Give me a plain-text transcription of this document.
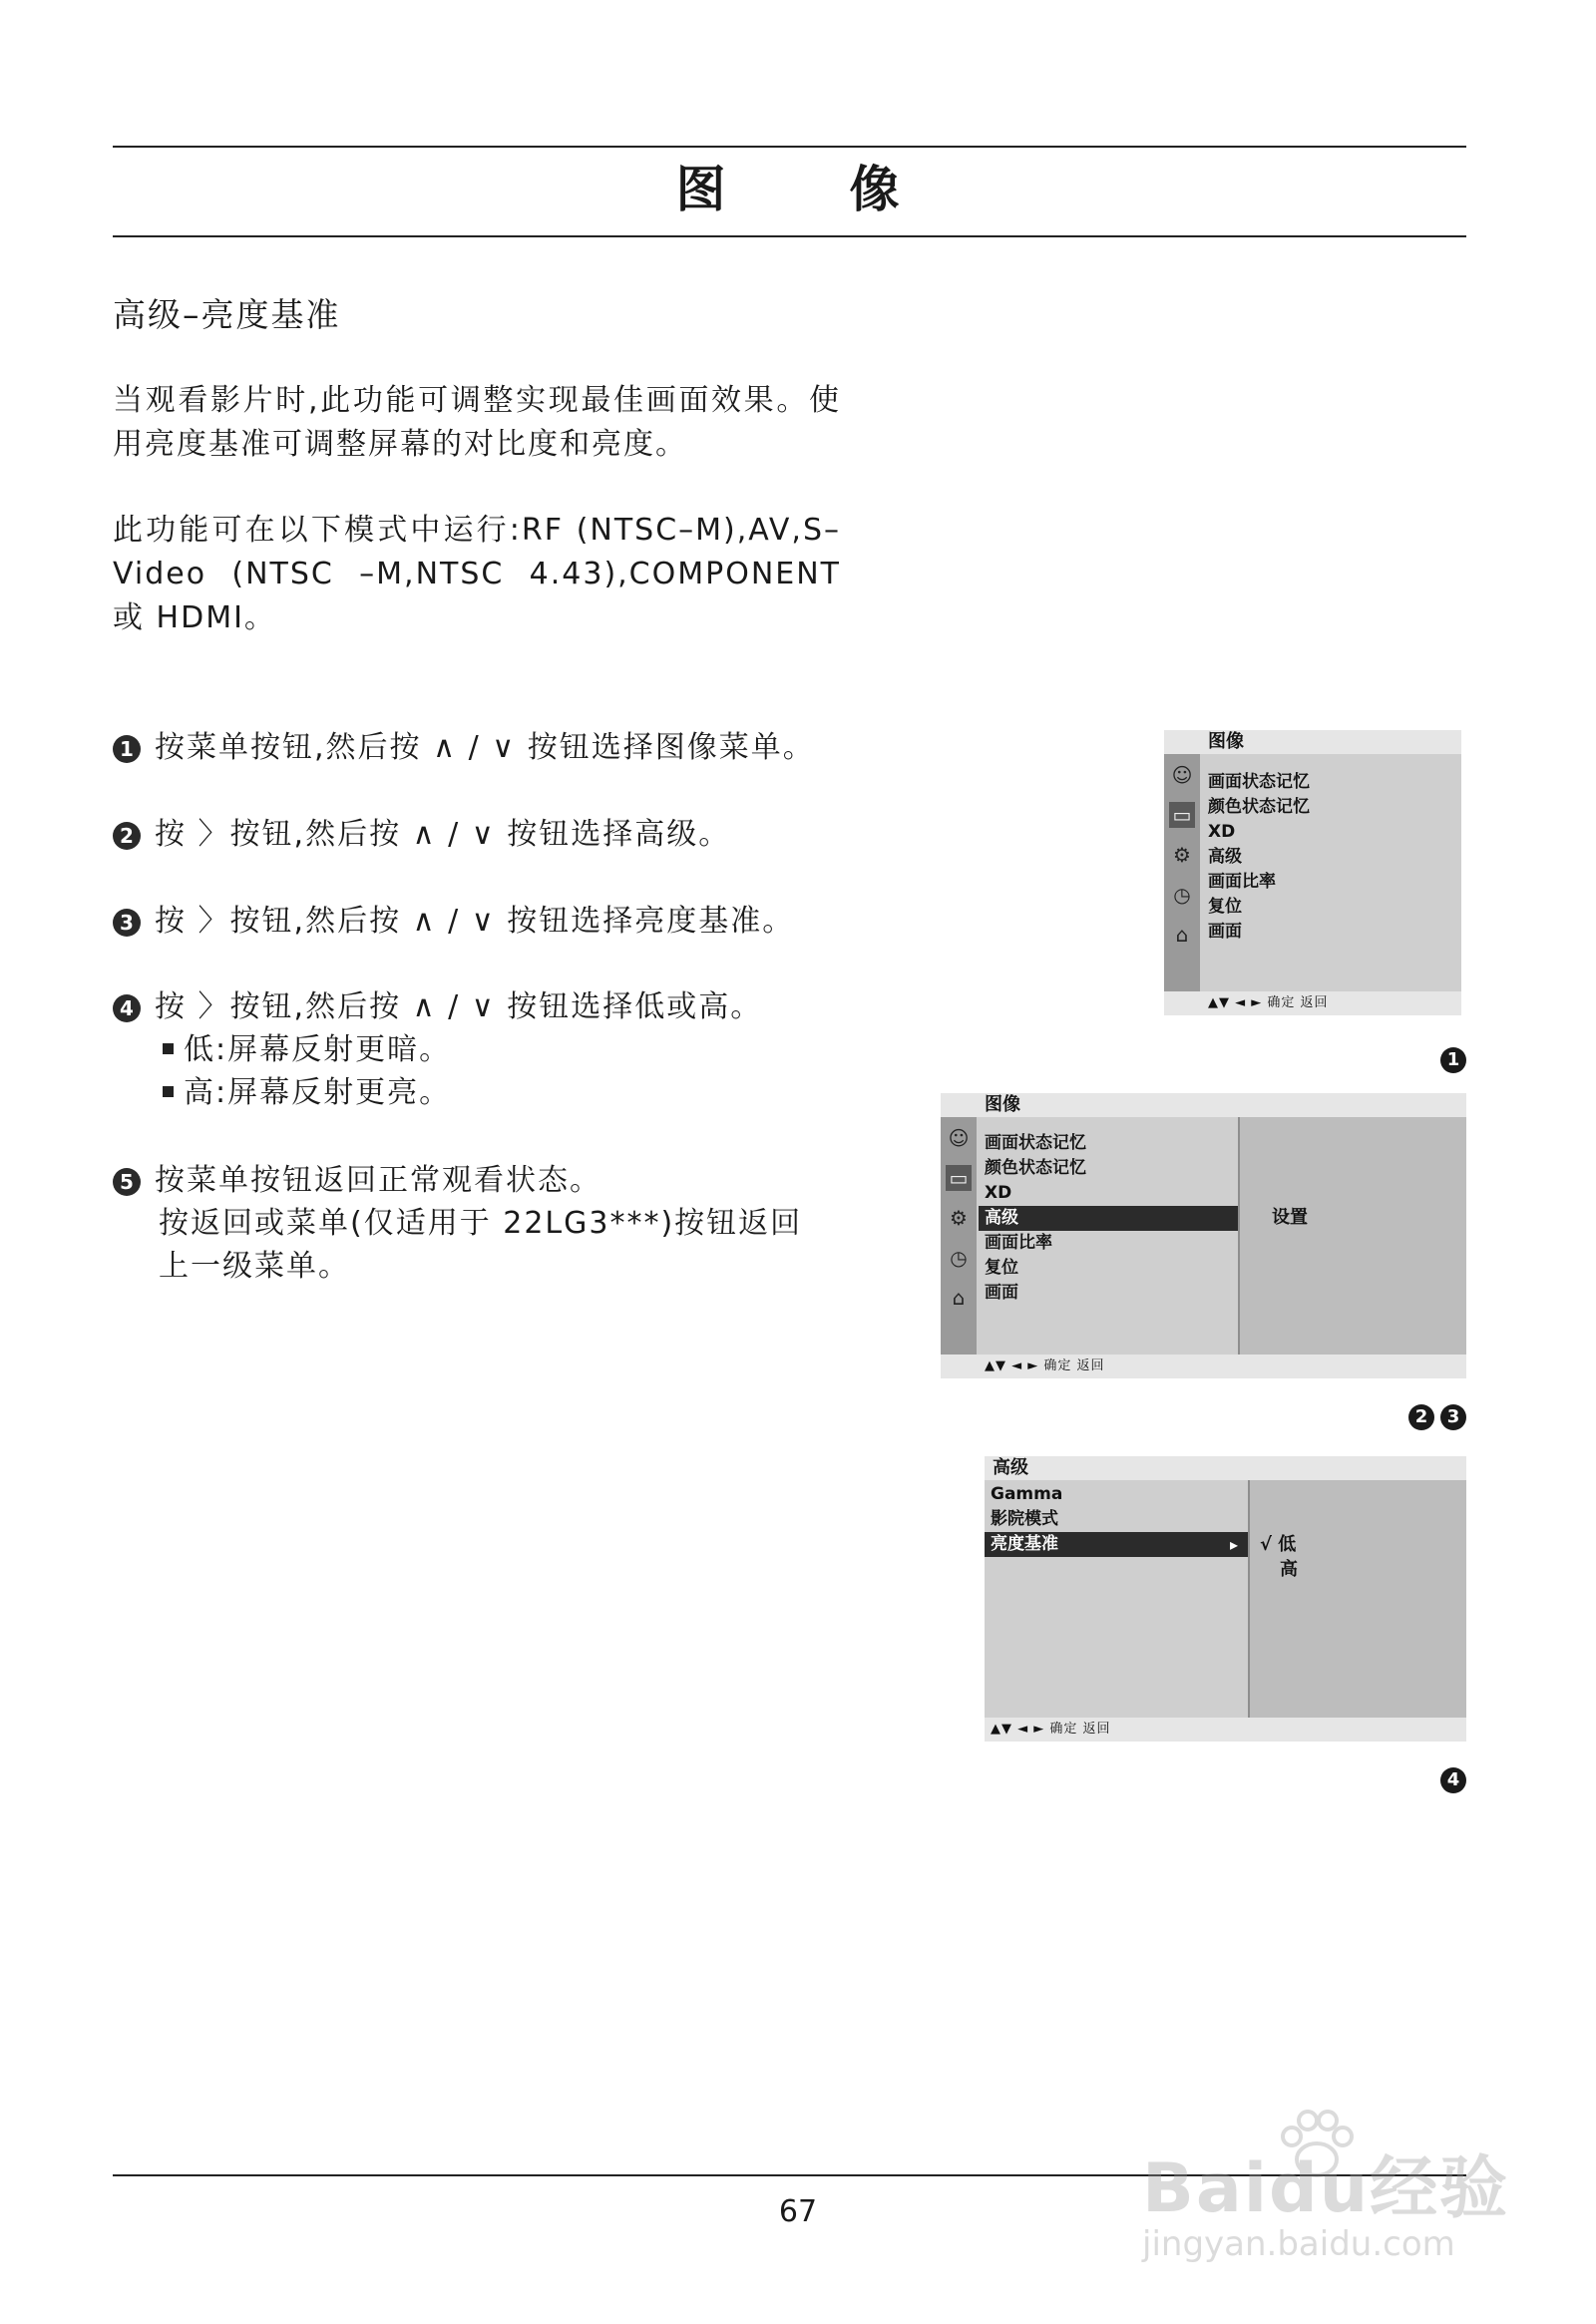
图 像
高级–亮度基准

当观看影片时,此功能可调整实现最佳画面效果。使用亮度基准可调整屏幕的对比度和亮度。

此功能可在以下模式中运行:RF (NTSC–M),AV,S–Video (NTSC –M,NTSC 4.43),COMPONENT 或 HDMI。

1 按菜单按钮,然后按 ∧ / ∨ 按钮选择图像菜单。
2 按 〉按钮,然后按 ∧ / ∨ 按钮选择高级。
3 按 〉按钮,然后按 ∧ / ∨ 按钮选择亮度基准。
4 按 〉按钮,然后按 ∧ / ∨ 按钮选择低或高。
低:屏幕反射更暗。
高:屏幕反射更亮。
5 按菜单按钮返回正常观看状态。
按返回或菜单(仅适用于 22LG3***)按钮返回
上一级菜单。
图像
☺
▭
⚙
◷
⌂
画面状态记忆
颜色状态记忆
XD
高级
画面比率
复位
画面
▲▼ ◄ ► 确定 返回
1
图像
☺
▭
⚙
◷
⌂
画面状态记忆
颜色状态记忆
XD
高级 ▸
画面比率
复位
画面
设置
▲▼ ◄ ► 确定 返回
2	3
高级
Gamma
影院模式
亮度基准 ▸	√ 低
高
▲▼ ◄ ► 确定 返回
4
67	Baidu经验
jingyan.baidu.com
